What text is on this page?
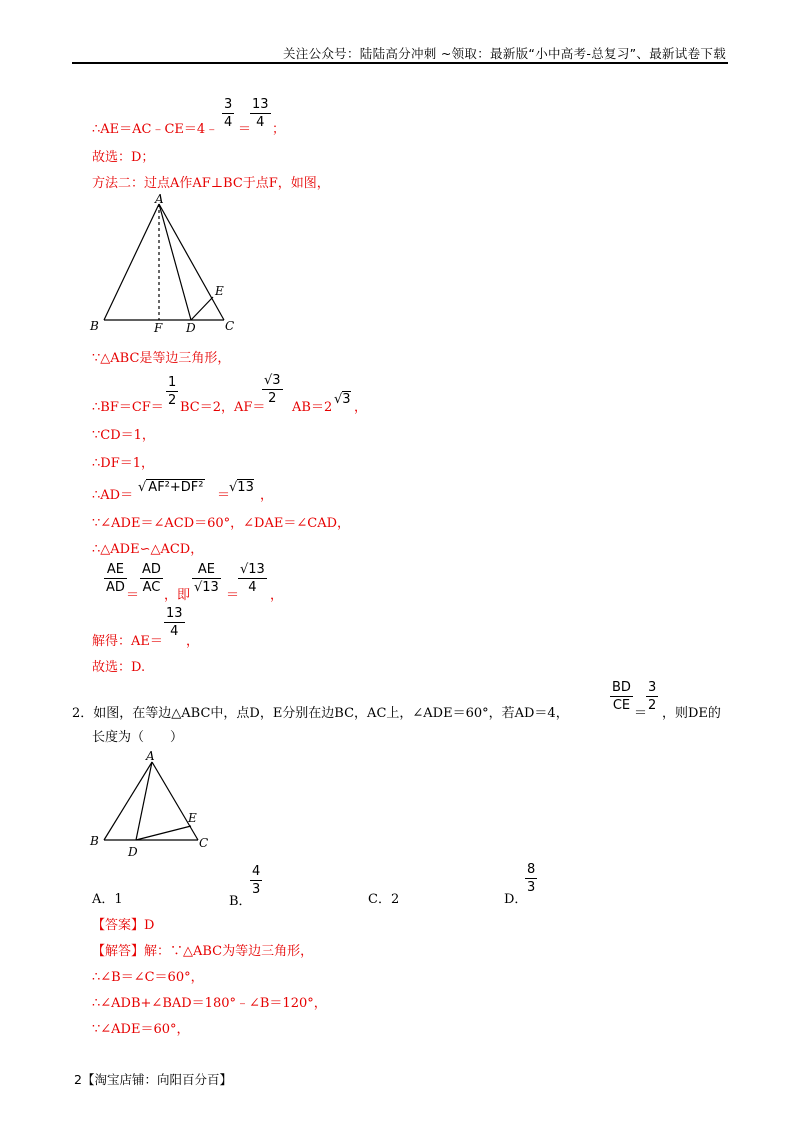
关注公众号：陆陆高分冲刺 ~领取：最新版“小中高考-总复习”、最新试卷下载
∴AE＝AC﹣CE＝4﹣
3
4 ＝
13
4 ；
故选：D；
方法二：过点A作AF⊥BC于点F，如图，
A
B	C
D
E
F
∵△ABC是等边三角形，
∴BF＝CF＝
1
2 BC＝2，AF＝
√3
2
AB＝2
√3
，
∵CD＝1，
∴DF＝1，
∴AD＝
√ AF²+DF²
＝
√13
，
∵∠ADE＝∠ACD＝60°，∠DAE＝∠CAD，
∴△ADE∽△ACD，
AE
AD
＝
AD
AC
，即
AE
√13
＝
√13
4
，
解得：AE＝
13
4
，
故选：D.
2．如图，在等边△ABC中，点D，E分别在边BC，AC上，∠ADE＝60°，若AD＝4，
BD
CE
＝
3
2
，则DE的
长度为（　　）
A
B	C
D
E
A．1	B．
4
3
C．2	D．
8
3
【答案】D
【解答】解：∵△ABC为等边三角形，
∴∠B＝∠C＝60°，
∴∠ADB+∠BAD＝180°﹣∠B＝120°，
∵∠ADE＝60°，
2【淘宝店铺：向阳百分百】
